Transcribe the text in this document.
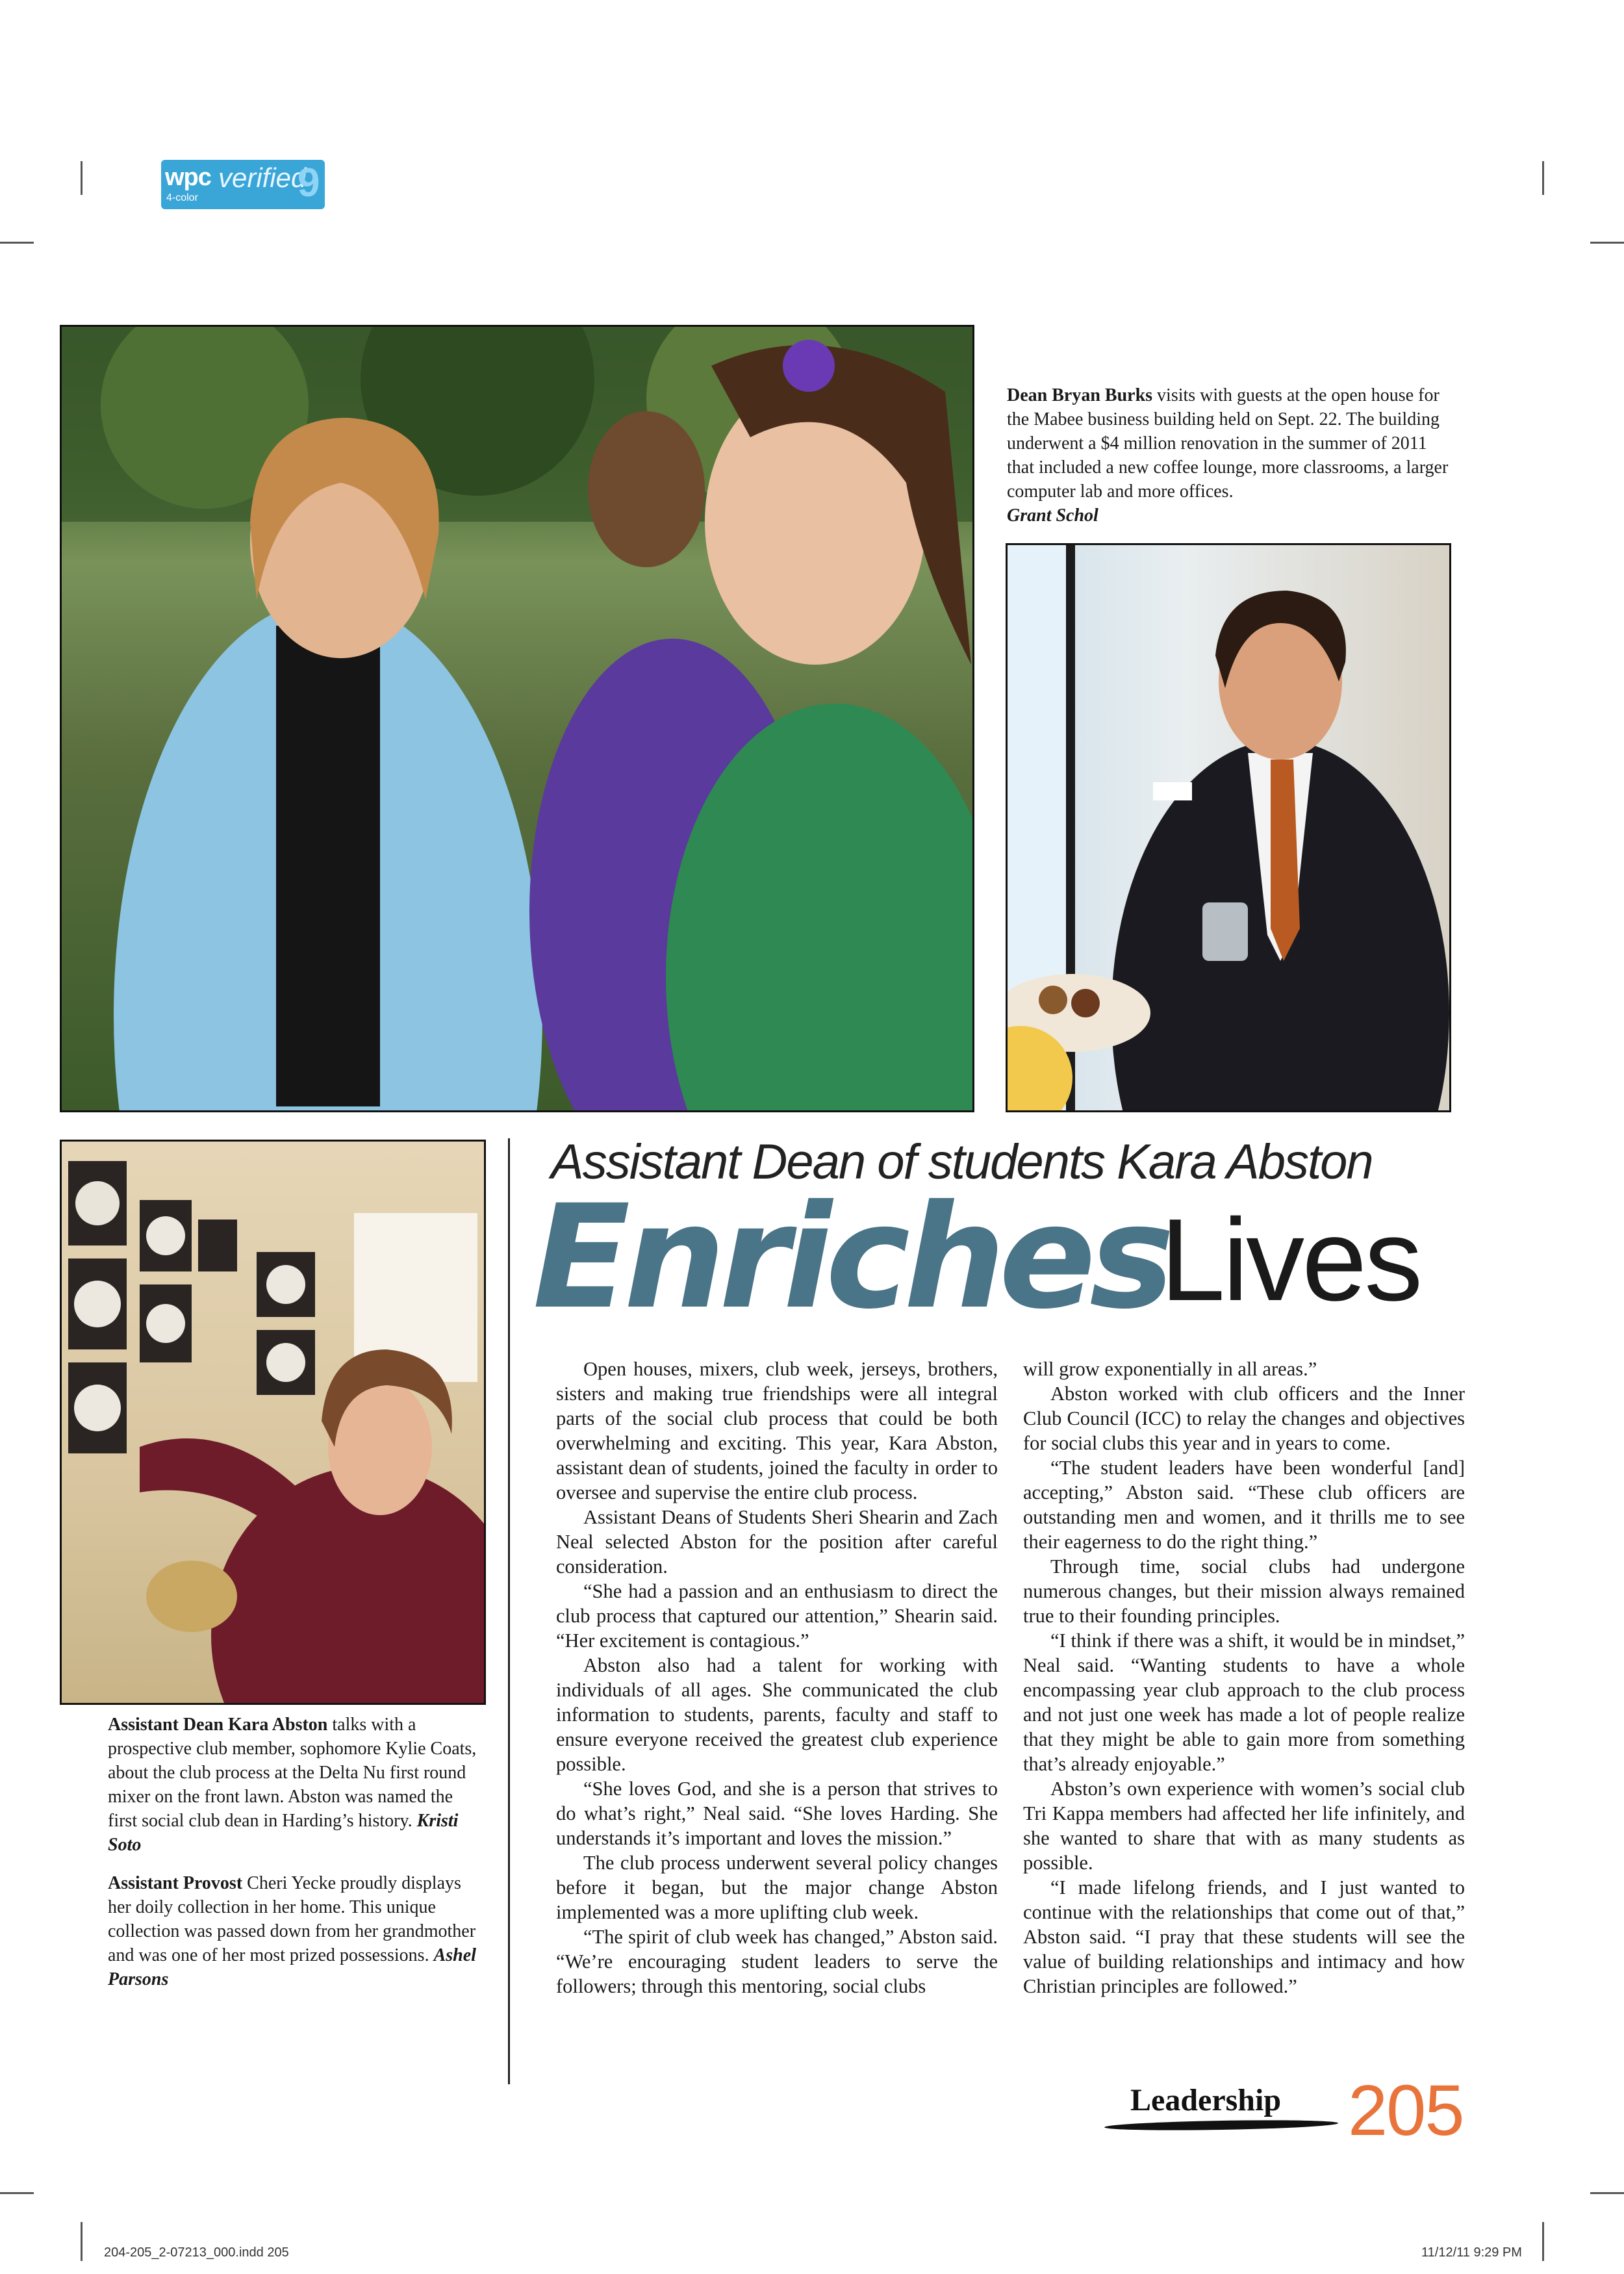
wpc verified
4-color 9
Dean Bryan Burks visits with guests at the open house for the Mabee business building held on Sept. 22. The building underwent a $4 million renovation in the summer of 2011 that included a new coffee lounge, more classrooms, a larger computer lab and more offices.
Grant Schol

Assistant Dean Kara Abston talks with a prospective club member, sophomore Kylie Coats, about the club process at the Delta Nu first round mixer on the front lawn. Abston was named the first social club dean in Harding’s history. Kristi Soto

Assistant Provost Cheri Yecke proudly displays her doily collection in her home. This unique collection was passed down from her grandmother and was one of her most prized possessions. Ashel Parsons

Assistant Dean of students Kara Abston
Enriches
Lives

Open houses, mixers, club week, jerseys, brothers, sisters and making true friendships were all integral parts of the social club process that could be both overwhelming and exciting. This year, Kara Abston, assistant dean of students, joined the faculty in order to oversee and supervise the entire club process.

Assistant Deans of Students Sheri Shearin and Zach Neal selected Abston for the position after careful consideration.

“She had a passion and an enthusiasm to direct the club process that captured our attention,” Shearin said. “Her excitement is contagious.”

Abston also had a talent for working with individuals of all ages. She communicated the club information to students, parents, faculty and staff to ensure everyone received the greatest club experience possible.

“She loves God, and she is a person that strives to do what’s right,” Neal said. “She loves Harding. She understands it’s important and loves the mission.”

The club process underwent several policy changes before it began, but the major change Abston implemented was a more uplifting club week.

“The spirit of club week has changed,” Abston said. “We’re encouraging student leaders to serve the followers; through this mentoring, social clubs

will grow exponentially in all areas.”

Abston worked with club officers and the Inner Club Council (ICC) to relay the changes and objectives for social clubs this year and in years to come.

“The student leaders have been wonderful [and] accepting,” Abston said. “These club officers are outstanding men and women, and it thrills me to see their eagerness to do the right thing.”

Through time, social clubs had undergone numerous changes, but their mission always remained true to their founding principles.

“I think if there was a shift, it would be in mindset,” Neal said. “Wanting students to have a whole encompassing year club approach to the club process and not just one week has made a lot of people realize that they might be able to gain more from something that’s already enjoyable.”

Abston’s own experience with women’s social club Tri Kappa members had affected her life infinitely, and she wanted to share that with as many students as possible.

“I made lifelong friends, and I just wanted to continue with the relationships that come out of that,” Abston said. “I pray that these students will see the value of building relationships and intimacy and how Christian principles are followed.”

Leadership 205
204-205_2-07213_000.indd 205	11/12/11 9:29 PM
